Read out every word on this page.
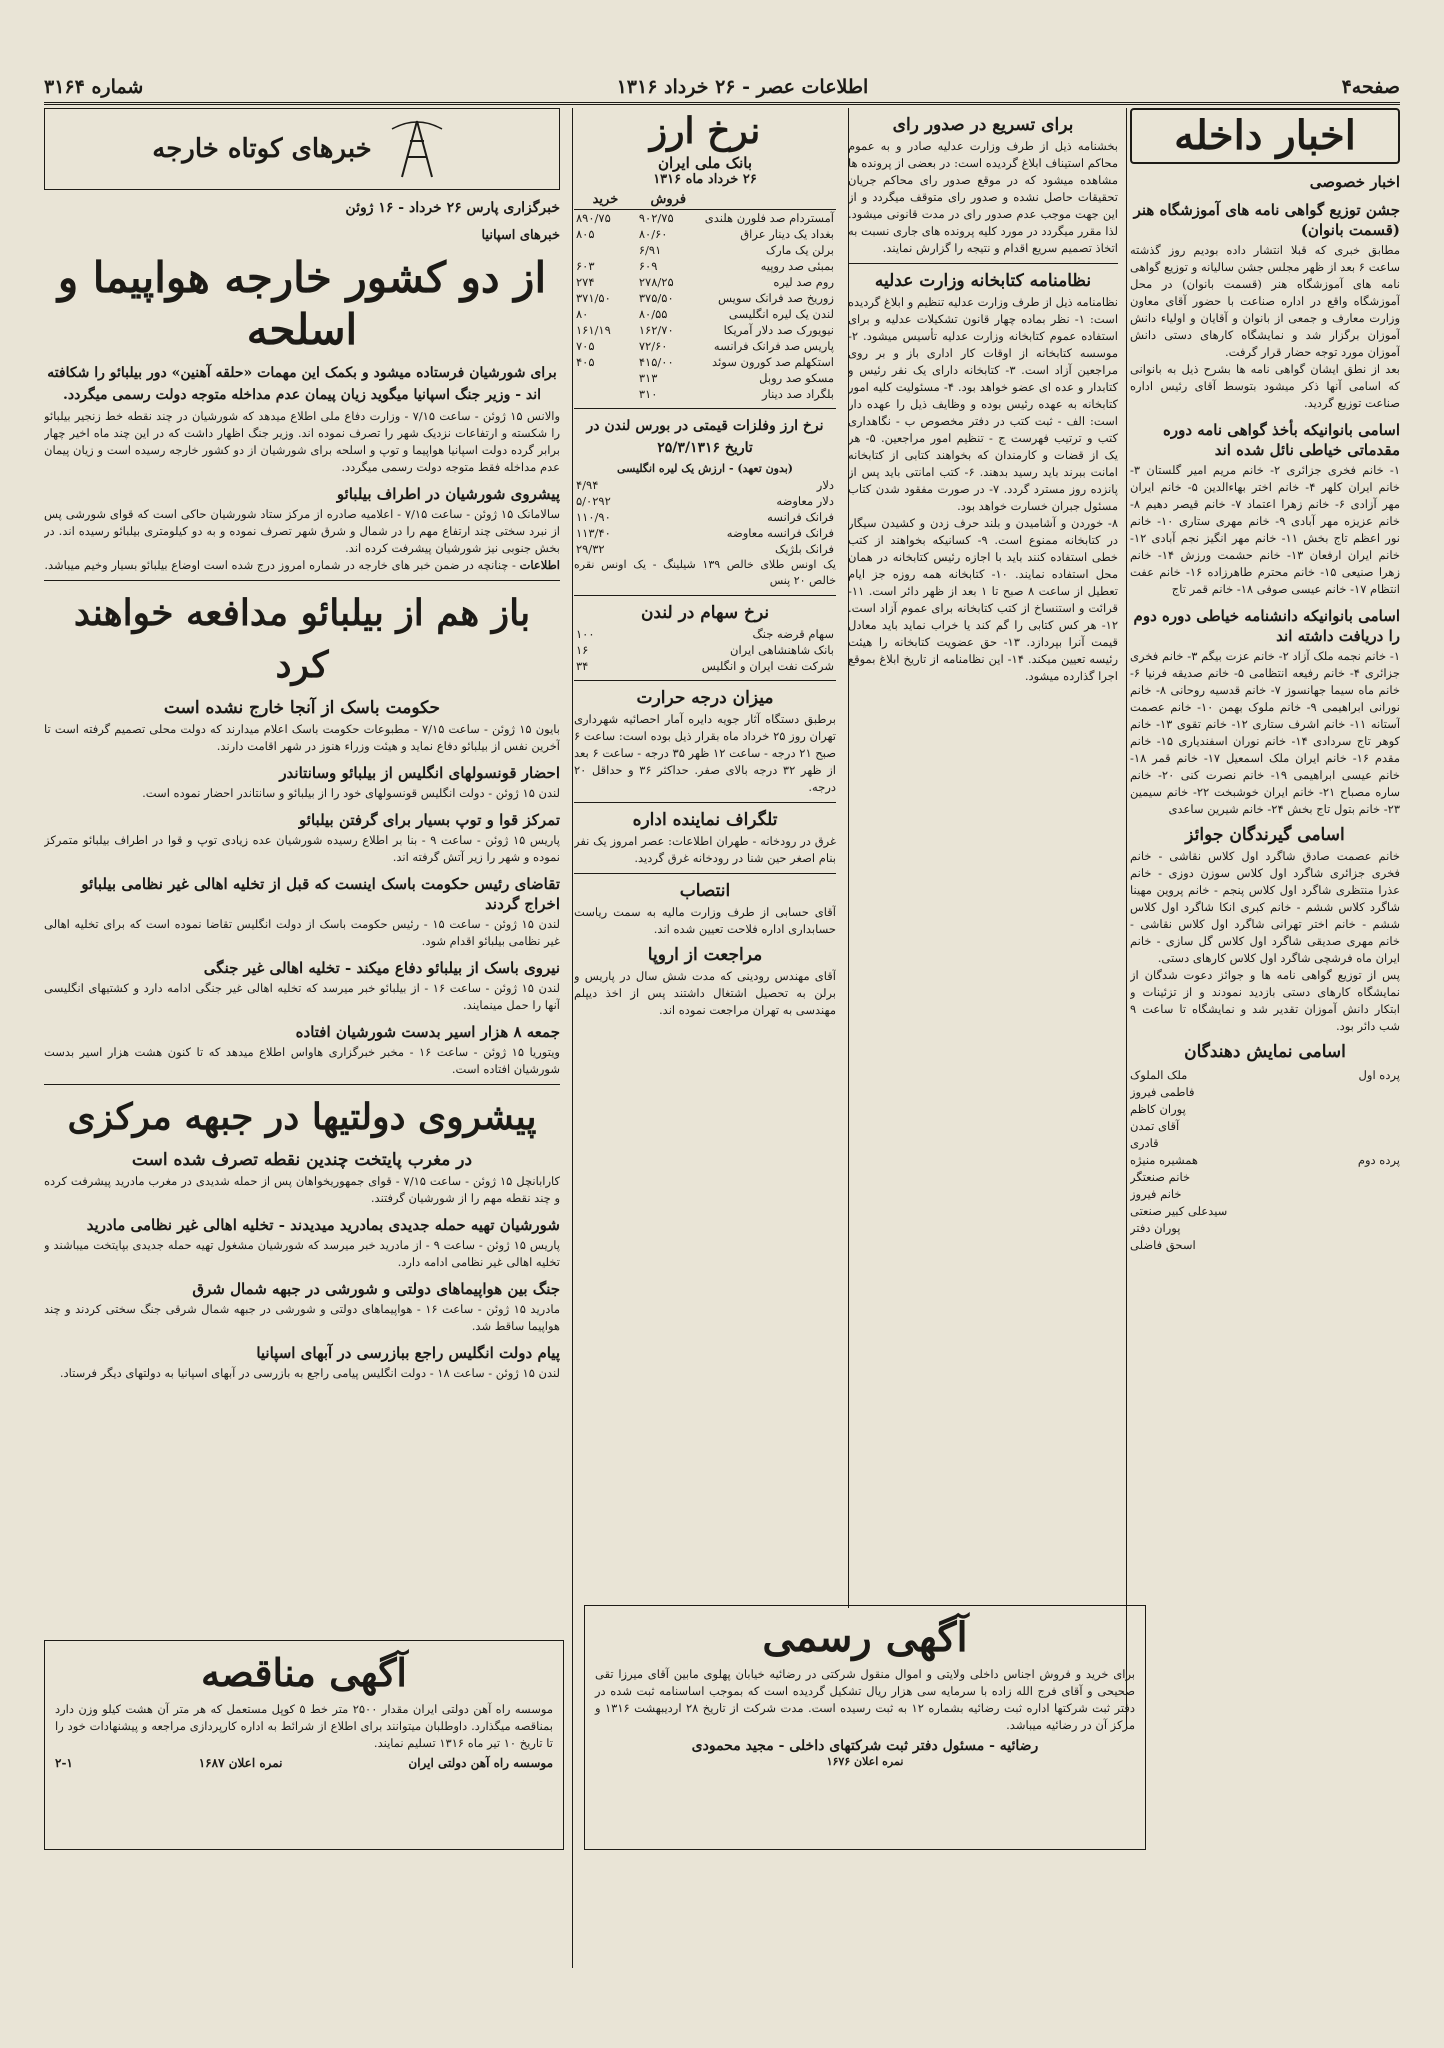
صفحه۴
اطلاعات عصر - ۲۶ خرداد ۱۳۱۶
شماره ۳۱۶۴
اخبار داخله
اخبار خصوصی
جشن توزیع گواهی نامه های آموزشگاه هنر (قسمت بانوان)

مطابق خبری که قبلا انتشار داده بودیم روز گذشته ساعت ۶ بعد از ظهر مجلس جشن سالیانه و توزیع گواهی نامه های آموزشگاه هنر (قسمت بانوان) در محل آموزشگاه واقع در اداره صناعت با حضور آقای معاون وزارت معارف و جمعی از بانوان و آقایان و اولیاء دانش آموزان برگزار شد و نمایشگاه کارهای دستی دانش آموزان مورد توجه حضار قرار گرفت.

بعد از نطق ایشان گواهی نامه ها بشرح ذیل به بانوانی که اسامی آنها ذکر میشود بتوسط آقای رئیس اداره صناعت توزیع گردید.

اسامی بانوانیکه بأخذ گواهی نامه دوره مقدماتی خیاطی نائل شده اند

۱- خانم فخری جزائری ۲- خانم مریم امیر گلستان ۳- خانم ایران کلهر ۴- خانم اختر بهاءالدین ۵- خانم ایران مهر آزادی ۶- خانم زهرا اعتماد ۷- خانم قیصر دهیم ۸- خانم عزیزه مهر آبادی ۹- خانم مهری ستاری ۱۰- خانم نور اعظم تاج بخش ۱۱- خانم مهر انگیز نجم آبادی ۱۲- خانم ایران ارفعان ۱۳- خانم حشمت ورزش ۱۴- خانم زهرا صنیعی ۱۵- خانم محترم طاهرزاده ۱۶- خانم عفت انتظام ۱۷- خانم عیسی صوفی ۱۸- خانم قمر تاج

اسامی بانوانیکه دانشنامه خیاطی دوره دوم را دریافت داشته اند

۱- خانم نجمه ملک آزاد ۲- خانم عزت بیگم ۳- خانم فخری جزائری ۴- خانم رفیعه انتظامی ۵- خانم صدیقه فرنیا ۶- خانم ماه سیما جهانسوز ۷- خانم قدسیه روحانی ۸- خانم نورانی ابراهیمی ۹- خانم ملوک بهمن ۱۰- خانم عصمت آستانه ۱۱- خانم اشرف ستاری ۱۲- خانم تقوی ۱۳- خانم کوهر تاج سردادی ۱۴- خانم نوران اسفندیاری ۱۵- خانم مقدم ۱۶- خانم ایران ملک اسمعیل ۱۷- خانم قمر ۱۸- خانم عیسی ابراهیمی ۱۹- خانم نصرت کنی ۲۰- خانم ساره مصباح ۲۱- خانم ایران خوشبخت ۲۲- خانم سیمین ۲۳- خانم بتول تاج بخش ۲۴- خانم شیرین ساعدی

اسامی گیرندگان جوائز

خانم عصمت صادق شاگرد اول کلاس نقاشی - خانم فخری جزائری شاگرد اول کلاس سوزن دوزی - خانم عذرا منتظری شاگرد اول کلاس پنجم - خانم پروین مهینا شاگرد کلاس ششم - خانم کبری انکا شاگرد اول کلاس ششم - خانم اختر تهرانی شاگرد اول کلاس نقاشی - خانم مهری صدیقی شاگرد اول کلاس گل سازی - خانم ایران ماه فرشچی شاگرد اول کلاس کارهای دستی.

پس از توزیع گواهی نامه ها و جوائز دعوت شدگان از نمایشگاه کارهای دستی بازدید نمودند و از تزئینات و ابتکار دانش آموزان تقدیر شد و نمایشگاه تا ساعت ۹ شب دائر بود.

اسامی نمایش دهندگان
پرده اول
ملک الملوک
فاطمی فیروز
پوران کاظم
آقای تمدن
قادری
پرده دوم
همشیره منیژه
خانم صنعتگر
خانم فیروز
سیدعلی کبیر صنعتی
پوران دفتر
اسحق فاضلی
برای تسریع در صدور رای

بخشنامه ذیل از طرف وزارت عدلیه صادر و به عموم محاکم استیناف ابلاغ گردیده است: در بعضی از پرونده ها مشاهده میشود که در موقع صدور رای محاکم جریان تحقیقات حاصل نشده و صدور رای متوقف میگردد و از این جهت موجب عدم صدور رای در مدت قانونی میشود. لذا مقرر میگردد در مورد کلیه پرونده های جاری نسبت به اتخاذ تصمیم سریع اقدام و نتیجه را گزارش نمایند.

نظامنامه کتابخانه وزارت عدلیه

نظامنامه ذیل از طرف وزارت عدلیه تنظیم و ابلاغ گردیده است: ۱- نظر بماده چهار قانون تشکیلات عدلیه و برای استفاده عموم کتابخانه وزارت عدلیه تأسیس میشود. ۲- موسسه کتابخانه از اوقات کار اداری باز و بر روی مراجعین آزاد است. ۳- کتابخانه دارای یک نفر رئیس و کتابدار و عده ای عضو خواهد بود. ۴- مسئولیت کلیه امور کتابخانه به عهده رئیس بوده و وظایف ذیل را عهده دار است: الف - ثبت کتب در دفتر مخصوص ب - نگاهداری کتب و ترتیب فهرست ج - تنظیم امور مراجعین. ۵- هر یک از قضات و کارمندان که بخواهند کتابی از کتابخانه امانت ببرند باید رسید بدهند. ۶- کتب امانتی باید پس از پانزده روز مسترد گردد. ۷- در صورت مفقود شدن کتاب مسئول جبران خسارت خواهد بود.

۸- خوردن و آشامیدن و بلند حرف زدن و کشیدن سیگار در کتابخانه ممنوع است. ۹- کسانیکه بخواهند از کتب خطی استفاده کنند باید با اجازه رئیس کتابخانه در همان محل استفاده نمایند. ۱۰- کتابخانه همه روزه جز ایام تعطیل از ساعت ۸ صبح تا ۱ بعد از ظهر دائر است. ۱۱- قرائت و استنساخ از کتب کتابخانه برای عموم آزاد است. ۱۲- هر کس کتابی را گم کند یا خراب نماید باید معادل قیمت آنرا بپردازد. ۱۳- حق عضویت کتابخانه را هیئت رئیسه تعیین میکند. ۱۴- این نظامنامه از تاریخ ابلاغ بموقع اجرا گذارده میشود.

نرخ ارز
بانک ملی ایران
۲۶ خرداد ماه ۱۳۱۶
	فروش	خرید
آمستردام صد فلورن هلندی	۹۰۲/۷۵	۸۹۰/۷۵
بغداد یک دینار عراق	۸۰/۶۰	۸۰۵
برلن یک مارک	۶/۹۱	
بمبئی صد روپیه	۶۰۹	۶۰۳
روم صد لیره	۲۷۸/۲۵	۲۷۴
زوریخ صد فرانک سویس	۳۷۵/۵۰	۳۷۱/۵۰
لندن یک لیره انگلیسی	۸۰/۵۵	۸۰
نیویورک صد دلار آمریکا	۱۶۲/۷۰	۱۶۱/۱۹
پاریس صد فرانک فرانسه	۷۲/۶۰	۷۰۵
استکهلم صد کورون سوئد	۴۱۵/۰۰	۴۰۵
مسکو صد روبل	۳۱۳	
بلگراد صد دینار	۳۱۰	
نرخ ارز وفلزات قیمتی در بورس لندن در تاریخ ۲۵/۳/۱۳۱۶
(بدون تعهد) - ارزش یک لیره انگلیسی
دلار	۴/۹۴
دلار معاوضه	۵/۰۲۹۲
فرانک فرانسه	۱۱۰/۹۰
فرانک فرانسه معاوضه	۱۱۳/۴۰
فرانک بلژیک	۲۹/۳۲

یک اونس طلای خالص ۱۳۹ شیلینگ - یک اونس نقره خالص ۲۰ پنس

نرخ سهام در لندن
سهام قرضه جنگ	۱۰۰
بانک شاهنشاهی ایران	۱۶
شرکت نفت ایران و انگلیس	۳۴
میزان درجه حرارت

برطبق دستگاه آثار جویه دایره آمار احصائیه شهرداری تهران روز ۲۵ خرداد ماه بقرار ذیل بوده است: ساعت ۶ صبح ۲۱ درجه - ساعت ۱۲ ظهر ۳۵ درجه - ساعت ۶ بعد از ظهر ۳۲ درجه بالای صفر. حداکثر ۳۶ و حداقل ۲۰ درجه.

تلگراف نماینده اداره

غرق در رودخانه - طهران اطلاعات: عصر امروز یک نفر بنام اصغر حین شنا در رودخانه غرق گردید.

انتصاب

آقای حسابی از طرف وزارت مالیه به سمت ریاست حسابداری اداره فلاحت تعیین شده اند.

مراجعت از اروپا

آقای مهندس رودینی که مدت شش سال در پاریس و برلن به تحصیل اشتغال داشتند پس از اخذ دیپلم مهندسی به تهران مراجعت نموده اند.

خبرهای کوتاه خارجه
خبرگزاری پارس ۲۶ خرداد - ۱۶ ژوئن
خبرهای اسپانیا
از دو کشور خارجه هواپیما و اسلحه
برای شورشیان فرستاده میشود و بکمک این مهمات «حلقه آهنین» دور بیلبائو را شکافته اند - وزیر جنگ اسپانیا میگوید زیان پیمان عدم مداخله متوجه دولت رسمی میگردد.

والانس ۱۵ ژوئن - ساعت ۷/۱۵ - وزارت دفاع ملی اطلاع میدهد که شورشیان در چند نقطه خط زنجیر بیلبائو را شکسته و ارتفاعات نزدیک شهر را تصرف نموده اند. وزیر جنگ اظهار داشت که در این چند ماه اخیر چهار برابر گرده دولت اسپانیا هواپیما و توپ و اسلحه برای شورشیان از دو کشور خارجه رسیده است و زیان پیمان عدم مداخله فقط متوجه دولت رسمی میگردد.

پیشروی شورشیان در اطراف بیلبائو

سالامانک ۱۵ ژوئن - ساعت ۷/۱۵ - اعلامیه صادره از مرکز ستاد شورشیان حاکی است که قوای شورشی پس از نبرد سختی چند ارتفاع مهم را در شمال و شرق شهر تصرف نموده و به دو کیلومتری بیلبائو رسیده اند. در بخش جنوبی نیز شورشیان پیشرفت کرده اند.

اطلاعات - چنانچه در ضمن خبر های خارجه در شماره امروز درج شده است اوضاع بیلبائو بسیار وخیم میباشد.

باز هم از بیلبائو مدافعه خواهند کرد
حکومت باسک از آنجا خارج نشده است

بایون ۱۵ ژوئن - ساعت ۷/۱۵ - مطبوعات حکومت باسک اعلام میدارند که دولت محلی تصمیم گرفته است تا آخرین نفس از بیلبائو دفاع نماید و هیئت وزراء هنوز در شهر اقامت دارند.

احضار قونسولهای انگلیس از بیلبائو وسانتاندر

لندن ۱۵ ژوئن - دولت انگلیس قونسولهای خود را از بیلبائو و سانتاندر احضار نموده است.

تمرکز قوا و توپ بسیار برای گرفتن بیلبائو

پاریس ۱۵ ژوئن - ساعت ۹ - بنا بر اطلاع رسیده شورشیان عده زیادی توپ و قوا در اطراف بیلبائو متمرکز نموده و شهر را زیر آتش گرفته اند.

تقاضای رئیس حکومت باسک اینست که قبل از تخلیه اهالی غیر نظامی بیلبائو اخراج گردند

لندن ۱۵ ژوئن - ساعت ۱۵ - رئیس حکومت باسک از دولت انگلیس تقاضا نموده است که برای تخلیه اهالی غیر نظامی بیلبائو اقدام شود.

نیروی باسک از بیلبائو دفاع میکند - تخلیه اهالی غیر جنگی

لندن ۱۵ ژوئن - ساعت ۱۶ - از بیلبائو خبر میرسد که تخلیه اهالی غیر جنگی ادامه دارد و کشتیهای انگلیسی آنها را حمل مینمایند.

جمعه ۸ هزار اسیر بدست شورشیان افتاده

ویتوریا ۱۵ ژوئن - ساعت ۱۶ - مخبر خبرگزاری هاواس اطلاع میدهد که تا کنون هشت هزار اسیر بدست شورشیان افتاده است.

پیشروی دولتیها در جبهه مرکزی
در مغرب پایتخت چندین نقطه تصرف شده است

کارابانچل ۱۵ ژوئن - ساعت ۷/۱۵ - قوای جمهوریخواهان پس از حمله شدیدی در مغرب مادرید پیشرفت کرده و چند نقطه مهم را از شورشیان گرفتند.

شورشیان تهیه حمله جدیدی بمادرید میدیدند - تخلیه اهالی غیر نظامی مادرید

پاریس ۱۵ ژوئن - ساعت ۹ - از مادرید خبر میرسد که شورشیان مشغول تهیه حمله جدیدی بپایتخت میباشند و تخلیه اهالی غیر نظامی ادامه دارد.

جنگ بین هواپیماهای دولتی و شورشی در جبهه شمال شرق

مادرید ۱۵ ژوئن - ساعت ۱۶ - هواپیماهای دولتی و شورشی در جبهه شمال شرقی جنگ سختی کردند و چند هواپیما ساقط شد.

پیام دولت انگلیس راجع ببازرسی در آبهای اسپانیا

لندن ۱۵ ژوئن - ساعت ۱۸ - دولت انگلیس پیامی راجع به بازرسی در آبهای اسپانیا به دولتهای دیگر فرستاد.

آگهی رسمی

برای خرید و فروش اجناس داخلی ولایتی و اموال منقول شرکتی در رضائیه خیابان پهلوی مابین آقای میرزا تقی صحیحی و آقای فرج الله زاده با سرمایه سی هزار ریال تشکیل گردیده است که بموجب اساسنامه ثبت شده در دفتر ثبت شرکتها اداره ثبت رضائیه بشماره ۱۲ به ثبت رسیده است. مدت شرکت از تاریخ ۲۸ اردیبهشت ۱۳۱۶ و مرکز آن در رضائیه میباشد.

رضائیه - مسئول دفتر ثبت شرکتهای داخلی - مجید محمودی
نمره اعلان ۱۶۷۶
آگهی مناقصه

موسسه راه آهن دولتی ایران مقدار ۲۵۰۰ متر خط ۵ کوپل مستعمل که هر متر آن هشت کیلو وزن دارد بمناقصه میگذارد. داوطلبان میتوانند برای اطلاع از شرائط به اداره کارپردازی مراجعه و پیشنهادات خود را تا تاریخ ۱۰ تیر ماه ۱۳۱۶ تسلیم نمایند.

موسسه راه آهن دولتی ایران
نمره اعلان ۱۶۸۷
۲-۱
